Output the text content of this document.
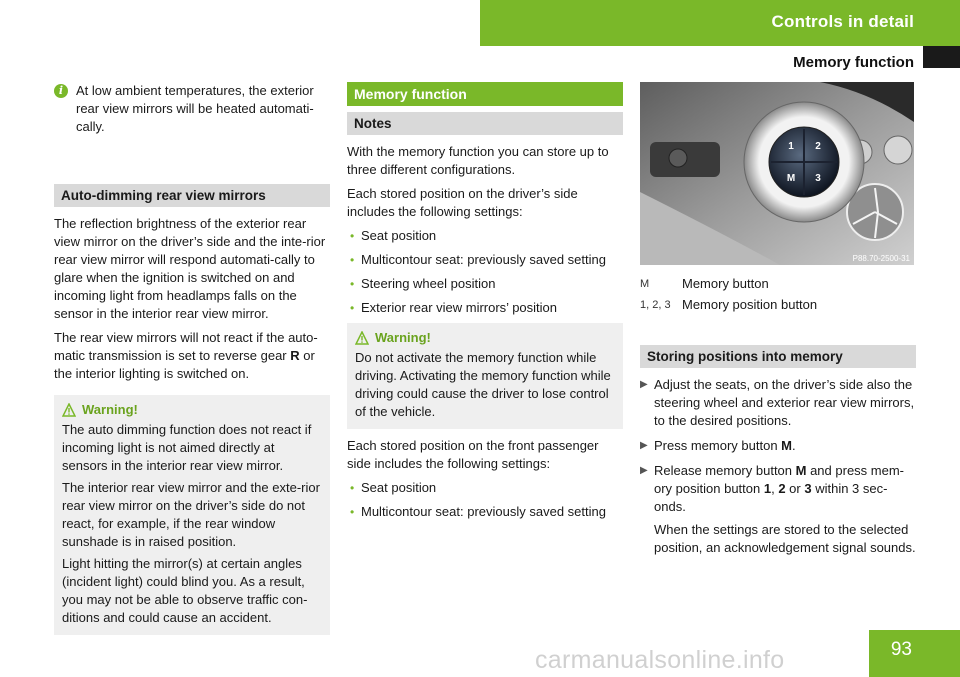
Controls in detail
Memory function
i At low ambient temperatures, the exterior rear view mirrors will be heated automati-cally.

Auto-dimming rear view mirrors

The reflection brightness of the exterior rear view mirror on the driver’s side and the inte-rior rear view mirror will respond automati-cally to glare when the ignition is switched on and incoming light from headlamps falls on the sensor in the interior rear view mirror.

The rear view mirrors will not react if the auto-matic transmission is set to reverse gear R or the interior lighting is switched on.

Warning!

The auto dimming function does not react if incoming light is not aimed directly at sensors in the interior rear view mirror.

The interior rear view mirror and the exte-rior rear view mirror on the driver’s side do not react, for example, if the rear window sunshade is in raised position.

Light hitting the mirror(s) at certain angles (incident light) could blind you. As a result, you may not be able to observe traffic con-ditions and could cause an accident.

Memory function
Notes

With the memory function you can store up to three different configurations.

Each stored position on the driver’s side includes the following settings:

• Seat position
• Multicontour seat: previously saved setting
• Steering wheel position
• Exterior rear view mirrors’ position
Warning!

Do not activate the memory function while driving. Activating the memory function while driving could cause the driver to lose control of the vehicle.

Each stored position on the front passenger side includes the following settings:

• Seat position
• Multicontour seat: previously saved setting
1 2
M 3
P88.70-2500-31
M	Memory button
1, 2, 3 Memory position button
Storing positions into memory
▶ Adjust the seats, on the driver’s side also the steering wheel and exterior rear view mirrors, to the desired positions.
▶ Press memory button M.
▶ Release memory button M and press mem-ory position button 1, 2 or 3 within 3 sec-onds.

When the settings are stored to the selected position, an acknowledgement signal sounds.

carmanualsonline.info	93
